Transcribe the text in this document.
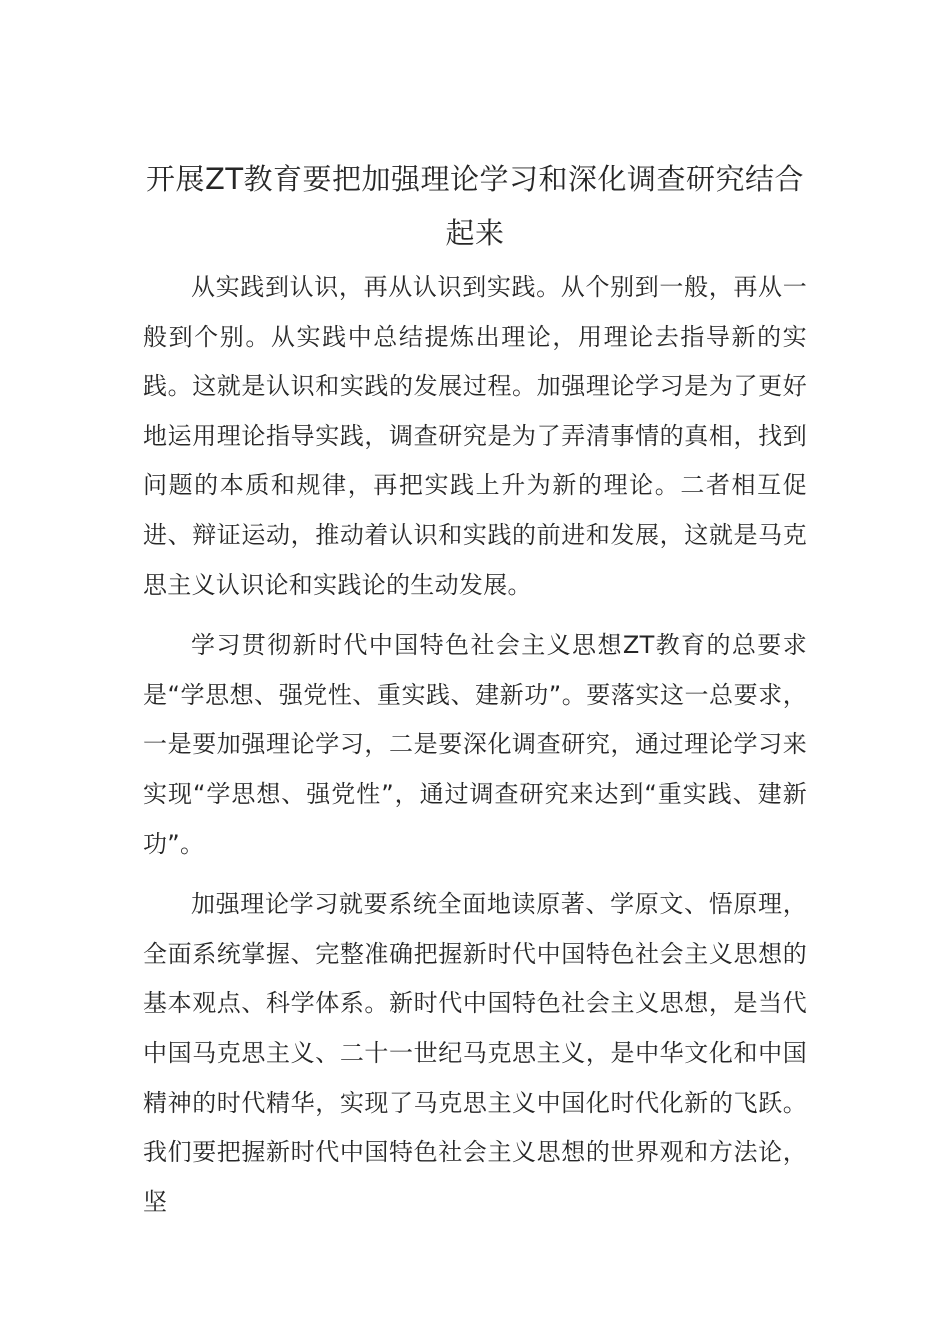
开展ZT教育要把加强理论学习和深化调查研究结合起来

从实践到认识，再从认识到实践。从个别到一般，再从一般到个别。从实践中总结提炼出理论，用理论去指导新的实践。这就是认识和实践的发展过程。加强理论学习是为了更好地运用理论指导实践，调查研究是为了弄清事情的真相，找到问题的本质和规律，再把实践上升为新的理论。二者相互促进、辩证运动，推动着认识和实践的前进和发展，这就是马克思主义认识论和实践论的生动发展。

学习贯彻新时代中国特色社会主义思想ZT教育的总要求是“学思想、强党性、重实践、建新功”。要落实这一总要求，一是要加强理论学习，二是要深化调查研究，通过理论学习来实现“学思想、强党性”，通过调查研究来达到“重实践、建新功”。

加强理论学习就要系统全面地读原著、学原文、悟原理，全面系统掌握、完整准确把握新时代中国特色社会主义思想的基本观点、科学体系。新时代中国特色社会主义思想，是当代中国马克思主义、二十一世纪马克思主义，是中华文化和中国精神的时代精华，实现了马克思主义中国化时代化新的飞跃。我们要把握新时代中国特色社会主义思想的世界观和方法论，坚
